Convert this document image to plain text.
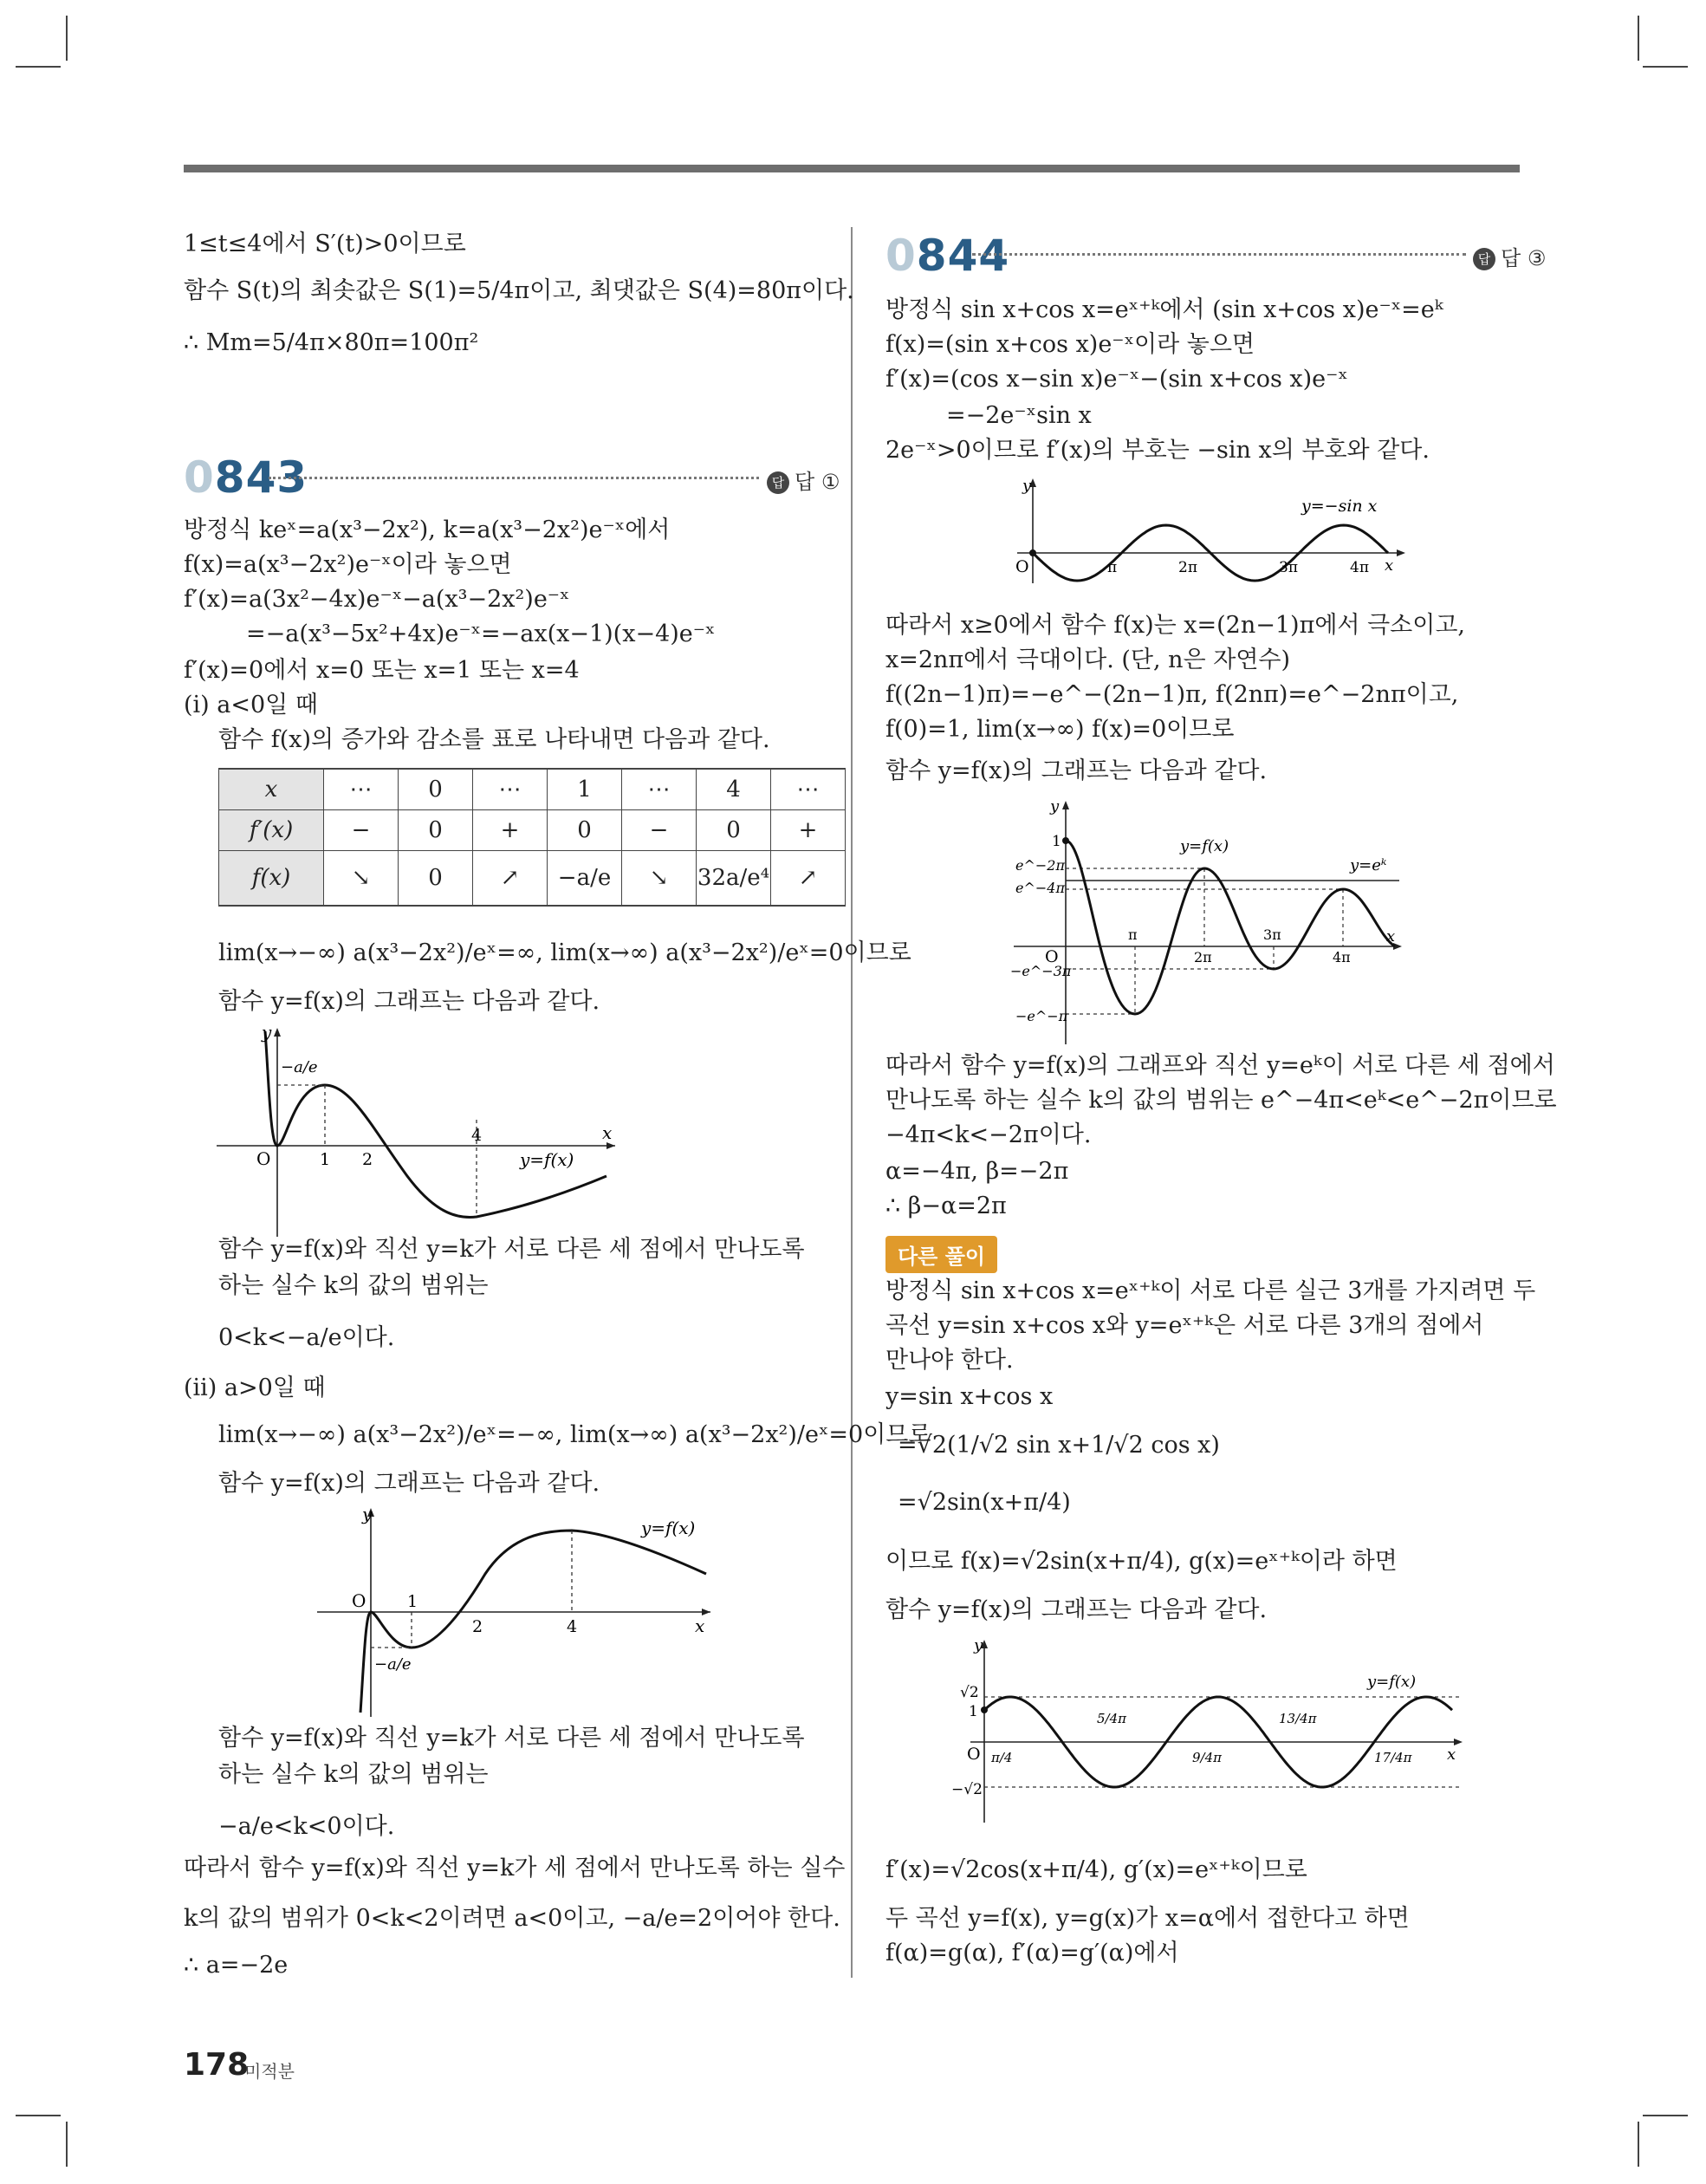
1≤t≤4에서 S′(t)>0이므로
함수 S(t)의 최솟값은 S(1)=5/4π이고, 최댓값은 S(4)=80π이다.
∴ Mm=5/4π×80π=100π²
0843	답 답 ①
방정식 keˣ=a(x³−2x²), k=a(x³−2x²)e⁻ˣ에서
f(x)=a(x³−2x²)e⁻ˣ이라 놓으면
f′(x)=a(3x²−4x)e⁻ˣ−a(x³−2x²)e⁻ˣ
=−a(x³−5x²+4x)e⁻ˣ=−ax(x−1)(x−4)e⁻ˣ
f′(x)=0에서 x=0 또는 x=1 또는 x=4
(i) a<0일 때
함수 f(x)의 증가와 감소를 표로 나타내면 다음과 같다.
x	⋯	0	⋯	1	⋯	4	⋯
f′(x)	−	0	+	0	−	0	+
f(x)	↘	0	↗	−a/e	↘	32a/e⁴	↗
lim(x→−∞) a(x³−2x²)/eˣ=∞, lim(x→∞) a(x³−2x²)/eˣ=0이므로
함수 y=f(x)의 그래프는 다음과 같다.
y
x
O	1 2
4
y=f(x)
−a/e
함수 y=f(x)와 직선 y=k가 서로 다른 세 점에서 만나도록
하는 실수 k의 값의 범위는
0<k<−a/e이다.
(ii) a>0일 때
lim(x→−∞) a(x³−2x²)/eˣ=−∞, lim(x→∞) a(x³−2x²)/eˣ=0이므로
함수 y=f(x)의 그래프는 다음과 같다.
y
x
O	1
2	4
y=f(x)
−a/e
함수 y=f(x)와 직선 y=k가 서로 다른 세 점에서 만나도록
하는 실수 k의 값의 범위는
−a/e<k<0이다.
따라서 함수 y=f(x)와 직선 y=k가 세 점에서 만나도록 하는 실수
k의 값의 범위가 0<k<2이려면 a<0이고, −a/e=2이어야 한다.
∴ a=−2e
0844	답 답 ③
방정식 sin x+cos x=eˣ⁺ᵏ에서 (sin x+cos x)e⁻ˣ=eᵏ
f(x)=(sin x+cos x)e⁻ˣ이라 놓으면
f′(x)=(cos x−sin x)e⁻ˣ−(sin x+cos x)e⁻ˣ
=−2e⁻ˣsin x
2e⁻ˣ>0이므로 f′(x)의 부호는 −sin x의 부호와 같다.
y
x
O	π	2π	3π	4π
y=−sin x
따라서 x≥0에서 함수 f(x)는 x=(2n−1)π에서 극소이고,
x=2nπ에서 극대이다. (단, n은 자연수)
f((2n−1)π)=−e^−(2n−1)π, f(2nπ)=e^−2nπ이고,
f(0)=1, lim(x→∞) f(x)=0이므로
함수 y=f(x)의 그래프는 다음과 같다.
y
x
O
1
e^−2π
e^−4π
−e^−3π
−e^−π
π
2π
3π
4π
y=f(x)
y=eᵏ
따라서 함수 y=f(x)의 그래프와 직선 y=eᵏ이 서로 다른 세 점에서
만나도록 하는 실수 k의 값의 범위는 e^−4π<eᵏ<e^−2π이므로
−4π<k<−2π이다.
α=−4π, β=−2π
∴ β−α=2π
다른 풀이
방정식 sin x+cos x=eˣ⁺ᵏ이 서로 다른 실근 3개를 가지려면 두
곡선 y=sin x+cos x와 y=eˣ⁺ᵏ은 서로 다른 3개의 점에서
만나야 한다.
y=sin x+cos x
=√2(1/√2 sin x+1/√2 cos x)
=√2sin(x+π/4)
이므로 f(x)=√2sin(x+π/4), g(x)=eˣ⁺ᵏ이라 하면
함수 y=f(x)의 그래프는 다음과 같다.
y
x
O
1
√2
−√2
π/4
5/4π
9/4π
13/4π
17/4π
y=f(x)
f′(x)=√2cos(x+π/4), g′(x)=eˣ⁺ᵏ이므로
두 곡선 y=f(x), y=g(x)가 x=α에서 접한다고 하면
f(α)=g(α), f′(α)=g′(α)에서
178
미적분
